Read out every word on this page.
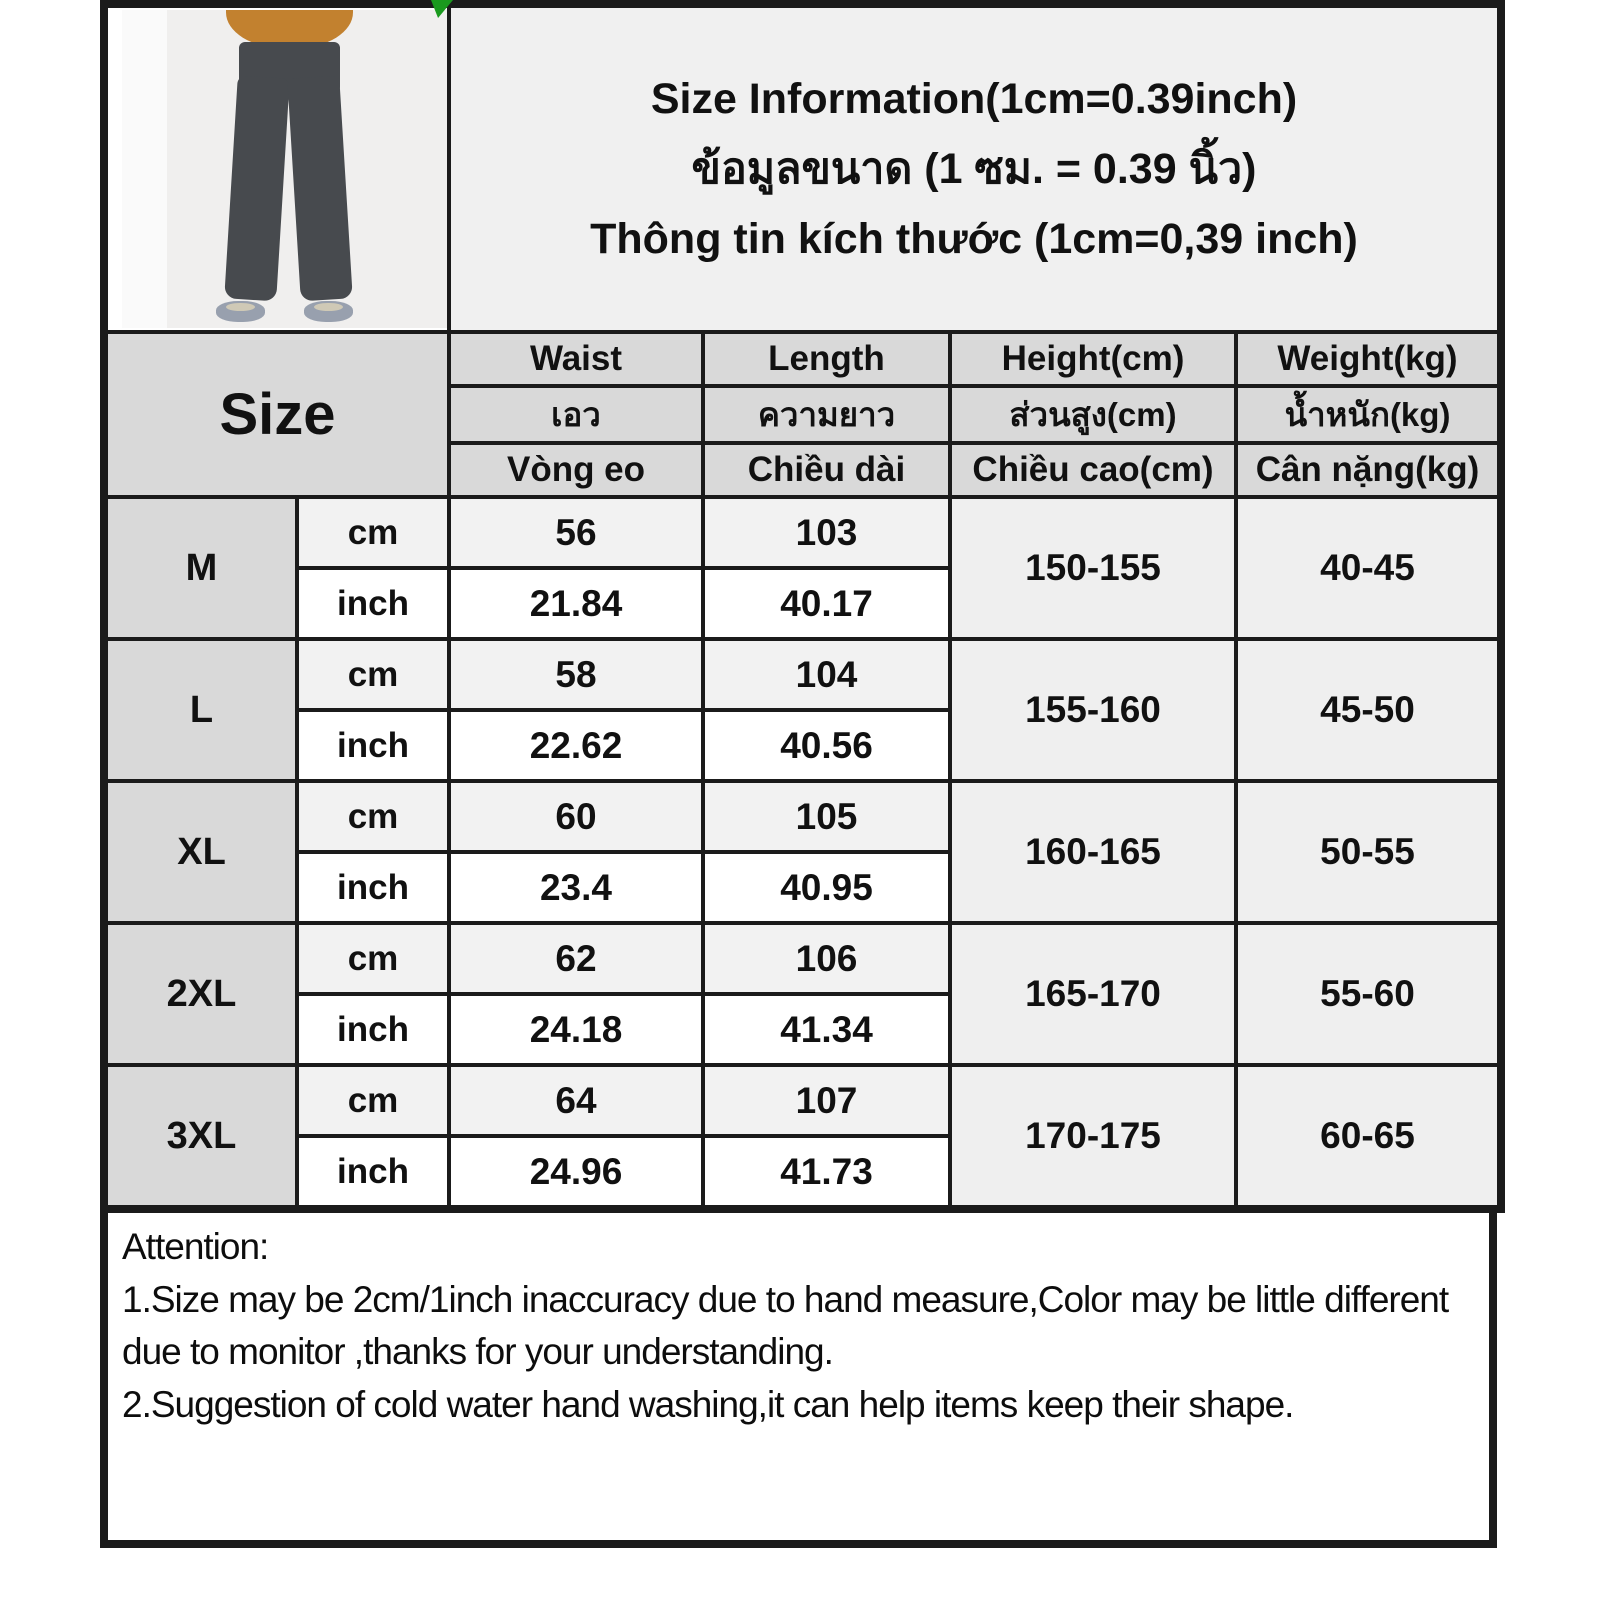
		Size Information(1cm=0.39inch)
ข้อมูลขนาด (1 ซม. = 0.39 นิ้ว)
Thông tin kích thước (1cm=0,39 inch)			

Size		Waist	Length	Height(cm)	Weight(kg)
		เอว	ความยาว	ส่วนสูง(cm)	น้ำหนัก(kg)
		Vòng eo	Chiều dài	Chiều cao(cm)	Cân nặng(kg)
M	cm	56	103	150-155	40-45
	inch	21.84	40.17		
L	cm	58	104	155-160	45-50
	inch	22.62	40.56		
XL	cm	60	105	160-165	50-55
	inch	23.4	40.95		
2XL	cm	62	106	165-170	55-60
	inch	24.18	41.34		
3XL	cm	64	107	170-175	60-65
	inch	24.96	41.73		

Attention:

1.Size may be 2cm/1inch inaccuracy due to hand measure,Color may be little different due to monitor ,thanks for your understanding.

2.Suggestion of cold water hand washing,it can help items keep their shape.
